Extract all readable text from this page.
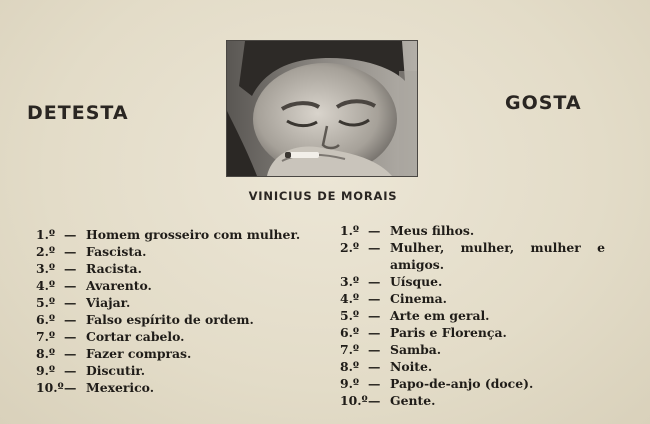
DETESTA	GOSTA
VINICIUS DE MORAIS
1.º — Homem grosseiro com mulher.
2.º — Fascista.
3.º — Racista.
4.º — Avarento.
5.º — Viajar.
6.º — Falso espírito de ordem.
7.º — Cortar cabelo.
8.º — Fazer compras.
9.º — Discutir.
10.º — Mexerico.
1.º — Meus filhos.
2.º — Mulher, mulher, mulher e amigos.
3.º — Uísque.
4.º — Cinema.
5.º — Arte em geral.
6.º — Paris e Florença.
7.º — Samba.
8.º — Noite.
9.º — Papo-de-anjo (doce).
10.º — Gente.
